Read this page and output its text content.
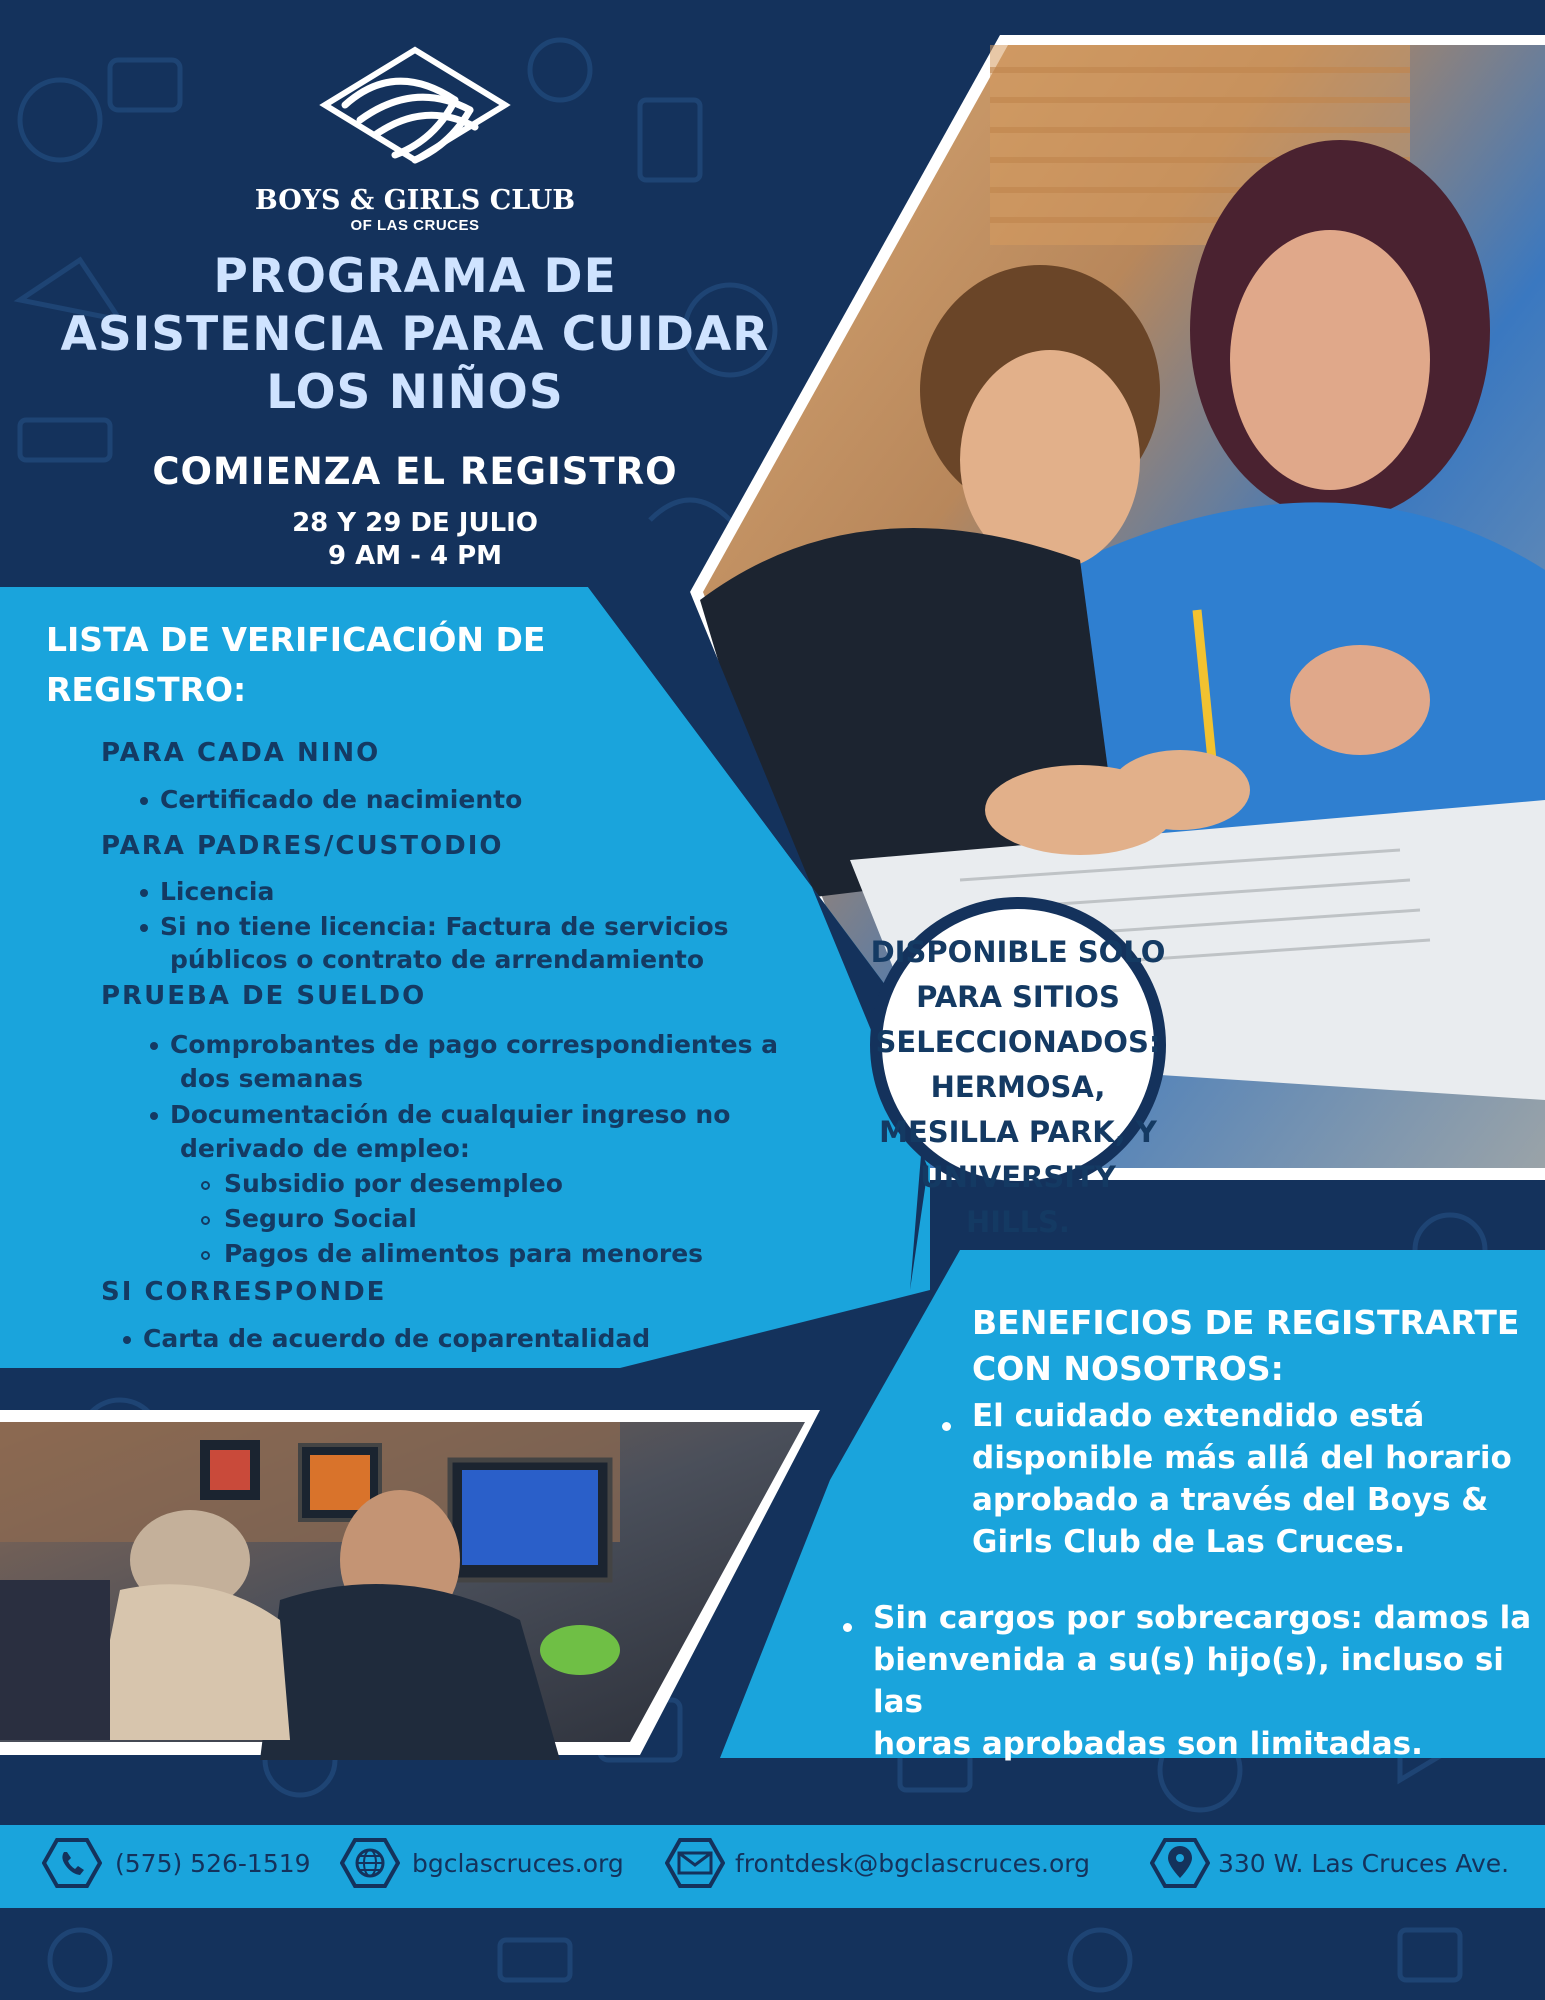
BOYS & GIRLS CLUB
OF LAS CRUCES
PROGRAMA DE
ASISTENCIA PARA CUIDAR
LOS NIÑOS
COMIENZA EL REGISTRO
28 Y 29 DE JULIO
9 AM - 4 PM
LISTA DE VERIFICACIÓN DE
REGISTRO:
PARA CADA NINO
Certificado de nacimiento
PARA PADRES/CUSTODIO
Licencia
Si no tiene licencia: Factura de servicios
públicos o contrato de arrendamiento
PRUEBA DE SUELDO
Comprobantes de pago correspondientes a
dos semanas
Documentación de cualquier ingreso no
derivado de empleo:
Subsidio por desempleo
Seguro Social
Pagos de alimentos para menores
SI CORRESPONDE
Carta de acuerdo de coparentalidad
DISPONIBLE SOLO
PARA SITIOS
SELECCIONADOS:
HERMOSA,
MESILLA PARK, Y
UNIVERSITY HILLS.
BENEFICIOS DE REGISTRARTE
CON NOSOTROS:
El cuidado extendido está
disponible más allá del horario
aprobado a través del Boys &
Girls Club de Las Cruces.
Sin cargos por sobrecargos: damos la
bienvenida a su(s) hijo(s), incluso si las
horas aprobadas son limitadas.
(575) 526-1519	bgclascruces.org	frontdesk@bgclascruces.org	330 W. Las Cruces Ave.
